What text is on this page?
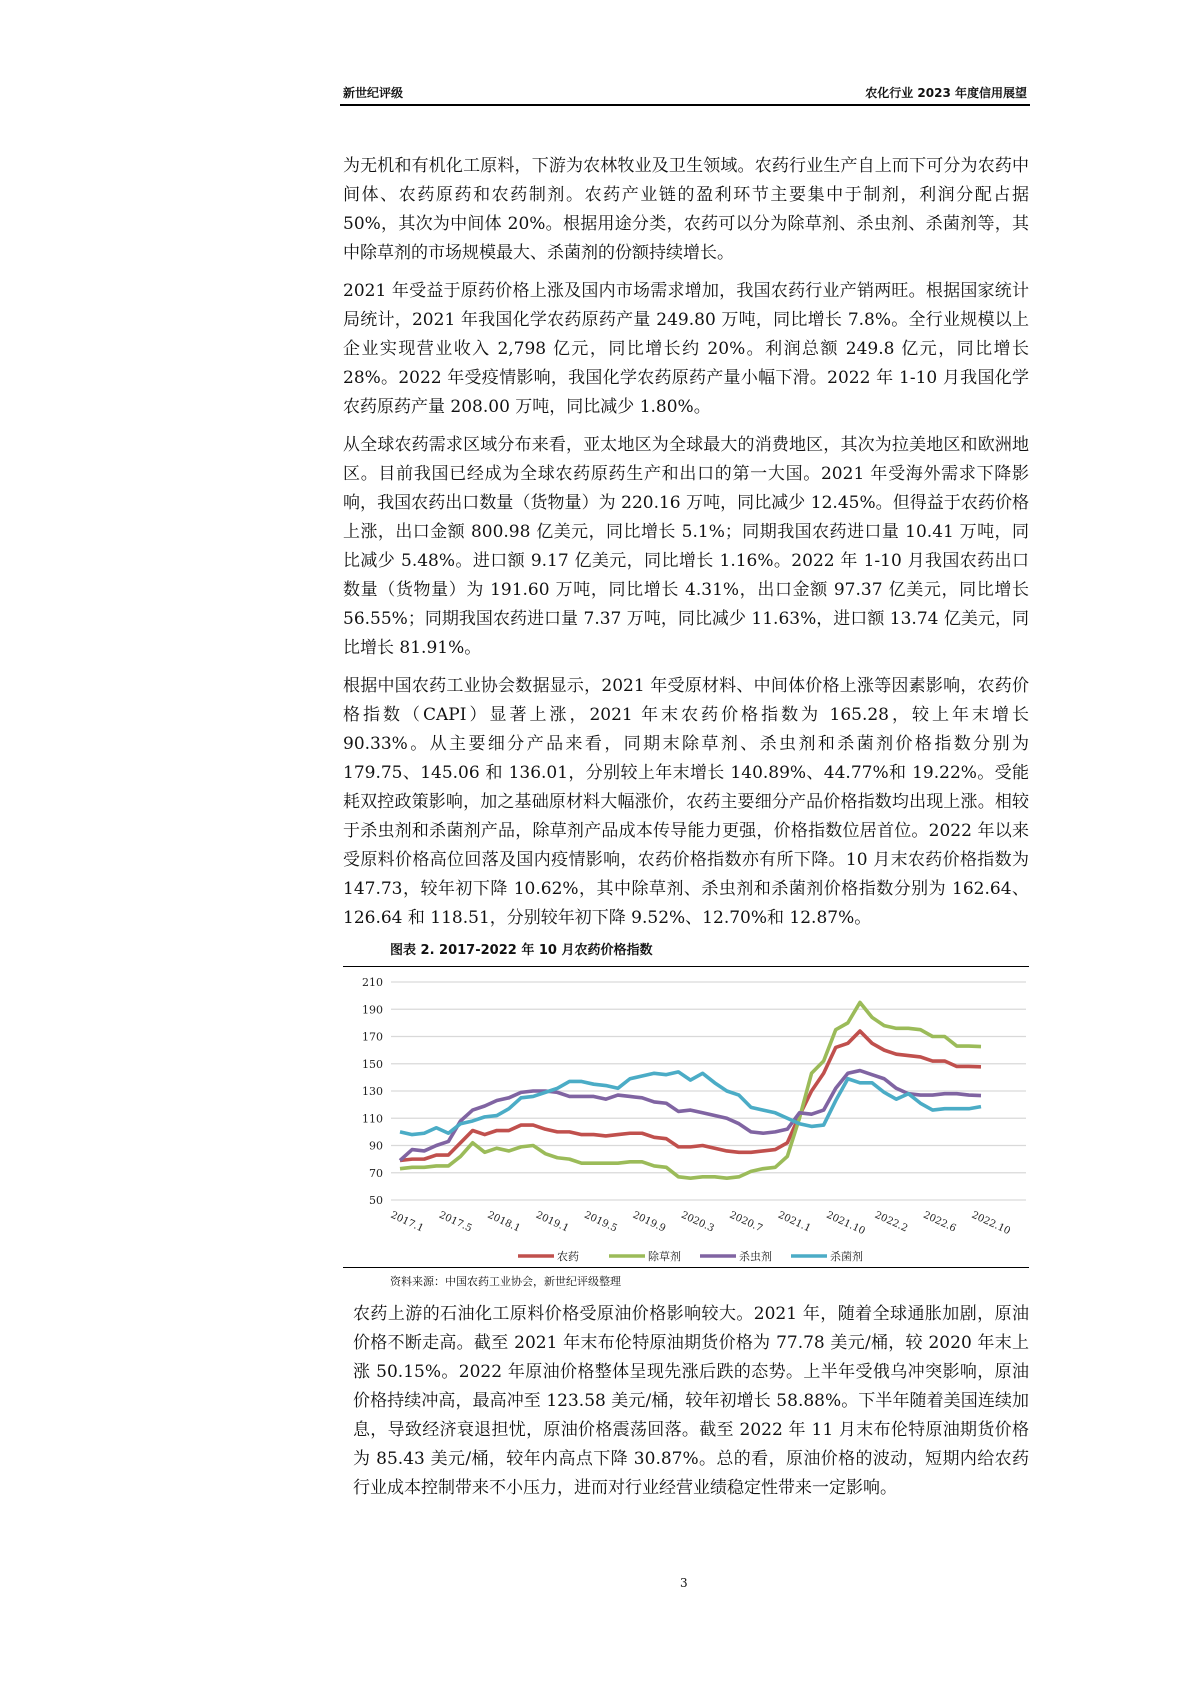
新世纪评级	农化行业 2023 年度信用展望

为无机和有机化工原料，下游为农林牧业及卫生领域。农药行业生产自上而下可分为农药中间体、农药原药和农药制剂。农药产业链的盈利环节主要集中于制剂，利润分配占据 50%，其次为中间体 20%。根据用途分类，农药可以分为除草剂、杀虫剂、杀菌剂等，其中除草剂的市场规模最大、杀菌剂的份额持续增长。

2021 年受益于原药价格上涨及国内市场需求增加，我国农药行业产销两旺。根据国家统计局统计，2021 年我国化学农药原药产量 249.80 万吨，同比增长 7.8%。全行业规模以上企业实现营业收入 2,798 亿元，同比增长约 20%。利润总额 249.8 亿元，同比增长 28%。2022 年受疫情影响，我国化学农药原药产量小幅下滑。2022 年 1-10 月我国化学农药原药产量 208.00 万吨，同比减少 1.80%。

从全球农药需求区域分布来看，亚太地区为全球最大的消费地区，其次为拉美地区和欧洲地区。目前我国已经成为全球农药原药生产和出口的第一大国。2021 年受海外需求下降影响，我国农药出口数量（货物量）为 220.16 万吨，同比减少 12.45%。但得益于农药价格上涨，出口金额 800.98 亿美元，同比增长 5.1%；同期我国农药进口量 10.41 万吨，同比减少 5.48%。进口额 9.17 亿美元，同比增长 1.16%。2022 年 1-10 月我国农药出口数量（货物量）为 191.60 万吨，同比增长 4.31%，出口金额 97.37 亿美元，同比增长 56.55%；同期我国农药进口量 7.37 万吨，同比减少 11.63%，进口额 13.74 亿美元，同比增长 81.91%。

根据中国农药工业协会数据显示，2021 年受原材料、中间体价格上涨等因素影响，农药价格指数（CAPI）显著上涨，2021 年末农药价格指数为 165.28，较上年末增长 90.33%。从主要细分产品来看，同期末除草剂、杀虫剂和杀菌剂价格指数分别为 179.75、145.06 和 136.01，分别较上年末增长 140.89%、44.77%和 19.22%。受能耗双控政策影响，加之基础原材料大幅涨价，农药主要细分产品价格指数均出现上涨。相较于杀虫剂和杀菌剂产品，除草剂产品成本传导能力更强，价格指数位居首位。2022 年以来受原料价格高位回落及国内疫情影响，农药价格指数亦有所下降。10 月末农药价格指数为 147.73，较年初下降 10.62%，其中除草剂、杀虫剂和杀菌剂价格指数分别为 162.64、126.64 和 118.51，分别较年初下降 9.52%、12.70%和 12.87%。

图表 2. 2017-2022 年 10 月农药价格指数
50
70
90
110
130
150
170
190
210
2017.1 2017.5 2018.1 2019.1 2019.5 2019.9 2020.3 2020.7 2021.1 2021.10 2022.2 2022.6 2022.10
农药	除草剂	杀虫剂	杀菌剂
资料来源：中国农药工业协会，新世纪评级整理

农药上游的石油化工原料价格受原油价格影响较大。2021 年，随着全球通胀加剧，原油价格不断走高。截至 2021 年末布伦特原油期货价格为 77.78 美元/桶，较 2020 年末上涨 50.15%。2022 年原油价格整体呈现先涨后跌的态势。上半年受俄乌冲突影响，原油价格持续冲高，最高冲至 123.58 美元/桶，较年初增长 58.88%。下半年随着美国连续加息，导致经济衰退担忧，原油价格震荡回落。截至 2022 年 11 月末布伦特原油期货价格为 85.43 美元/桶，较年内高点下降 30.87%。总的看，原油价格的波动，短期内给农药行业成本控制带来不小压力，进而对行业经营业绩稳定性带来一定影响。

3
